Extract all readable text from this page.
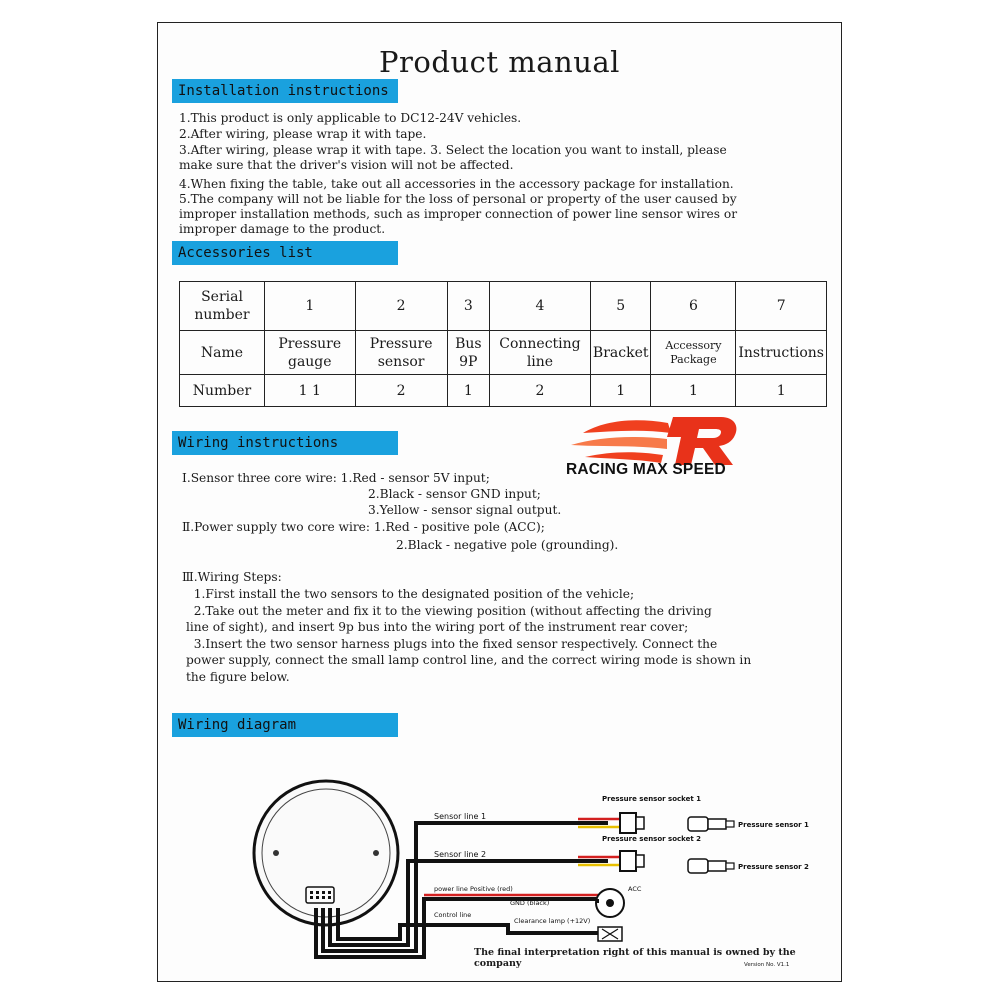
Product manual
Installation instructions
1.This product is only applicable to DC12-24V vehicles.
2.After wiring, please wrap it with tape.
3.After wiring, please wrap it with tape. 3. Select the location you want to install, please
make sure that the driver's vision will not be affected.
4.When fixing the table, take out all accessories in the accessory package for installation.
5.The company will not be liable for the loss of personal or property of the user caused by
improper installation methods, such as improper connection of power line sensor wires or
improper damage to the product.
Accessories list
Serial number	1	2	3	4	5	6	7
Name	Pressure gauge	Pressure sensor	Bus 9P	Connecting line	Bracket	Accessory Package	Instructions
Number	1 1	2	1	2	1	1	1
RACING MAX SPEED
Wiring instructions
Ⅰ.Sensor three core wire: 1.Red - sensor 5V input;
2.Black - sensor GND input;
3.Yellow - sensor signal output.
Ⅱ.Power supply two core wire: 1.Red - positive pole (ACC);
2.Black - negative pole (grounding).
Ⅲ.Wiring Steps:
1.First install the two sensors to the designated position of the vehicle;
2.Take out the meter and fix it to the viewing position (without affecting the driving
line of sight), and insert 9p bus into the wiring port of the instrument rear cover;
3.Insert the two sensor harness plugs into the fixed sensor respectively. Connect the
power supply, connect the small lamp control line, and the correct wiring mode is shown in
the figure below.
Wiring diagram
Sensor line 1
Sensor line 2
Pressure sensor socket 1
Pressure sensor socket 2
Pressure sensor 1
Pressure sensor 2
power line Positive (red)
GND (black)
ACC
Control line
Clearance lamp (+12V)
The final interpretation right of this manual is owned by the company	Version No. V1.1
